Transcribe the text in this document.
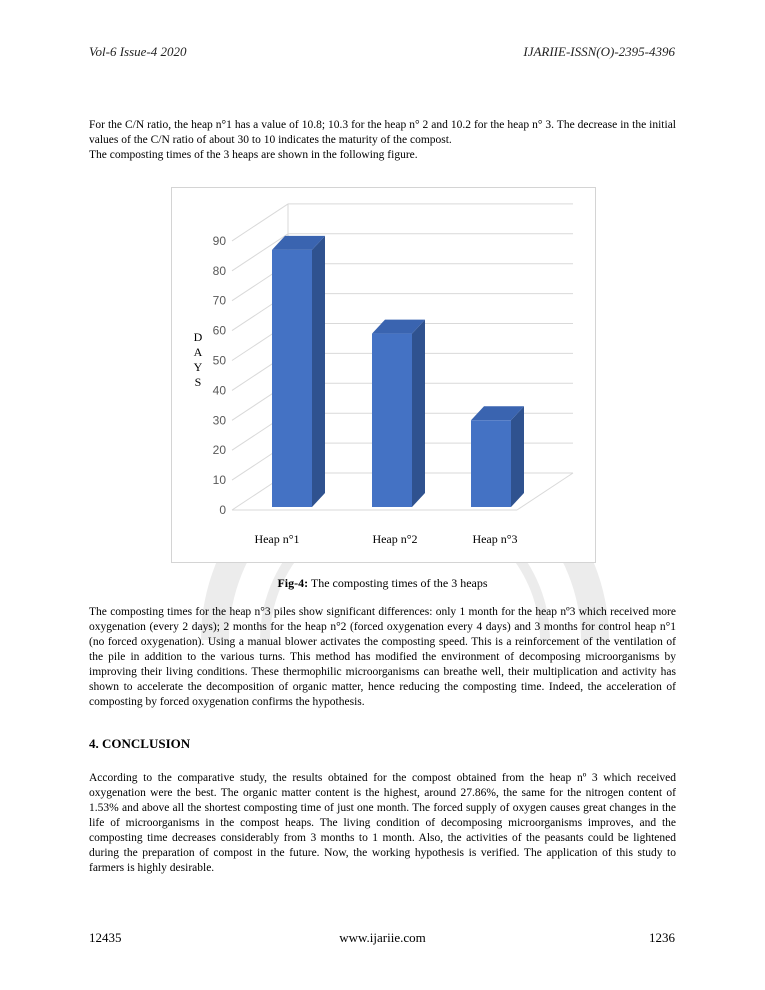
Vol-6 Issue-4 2020	IJARIIE-ISSN(O)-2395-4396

For the C/N ratio, the heap n°1 has a value of 10.8; 10.3 for the heap n° 2 and 10.2 for the heap n° 3. The decrease in the initial values of the C/N ratio of about 30 to 10 indicates the maturity of the compost.
The composting times of the 3 heaps are shown in the following figure.

0
10
20
30
40
50
60
70
80
90
D
A
Y
S
Heap n°1	Heap n°2	Heap n°3
Fig-4: The composting times of the 3 heaps

The composting times for the heap n°3 piles show significant differences: only 1 month for the heap nº3 which received more oxygenation (every 2 days); 2 months for the heap n°2 (forced oxygenation every 4 days) and 3 months for control heap n°1 (no forced oxygenation). Using a manual blower activates the composting speed. This is a reinforcement of the ventilation of the pile in addition to the various turns. This method has modified the environment of decomposing microorganisms by improving their living conditions. These thermophilic microorganisms can breathe well, their multiplication and activity has shown to accelerate the decomposition of organic matter, hence reducing the composting time. Indeed, the acceleration of composting by forced oxygenation confirms the hypothesis.

4. CONCLUSION

According to the comparative study, the results obtained for the compost obtained from the heap nº 3 which received oxygenation were the best. The organic matter content is the highest, around 27.86%, the same for the nitrogen content of 1.53% and above all the shortest composting time of just one month. The forced supply of oxygen causes great changes in the life of microorganisms in the compost heaps. The living condition of decomposing microorganisms improves, and the composting time decreases considerably from 3 months to 1 month. Also, the activities of the peasants could be lightened during the preparation of compost in the future. Now, the working hypothesis is verified. The application of this study to farmers is highly desirable.

12435	www.ijariie.com	1236
